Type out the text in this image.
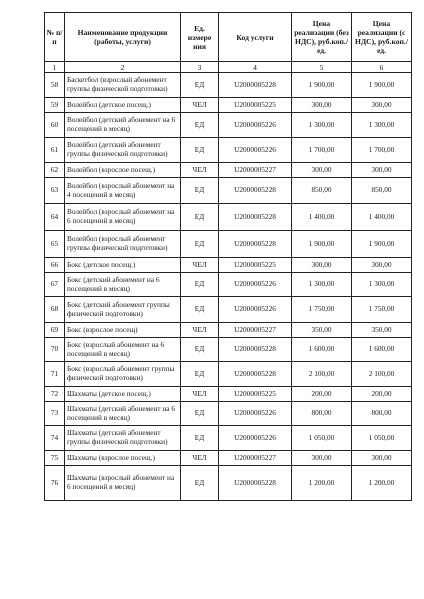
№ п/п	Наименование продукции (работы, услуги)	Ед. измере ния	Код услуги	Цена реализации (без НДС), руб.коп./ед.	Цена реализации (с НДС), руб.коп./ед.
1	2	3	4	5	6
58	Баскетбол (взрослый абонемент группы физической подготовки)	ЕД	U2000005228	1 900,00	1 900,00
59	Волейбол (детское посещ.)	ЧЕЛ	U2000005225	300,00	300,00
60	Волейбол (детский абонемент на 6 посещений в месяц)	ЕД	U2000005226	1 300,00	1 300,00
61	Волейбол (детский абонемент группы физической подготовки)	ЕД	U2000005226	1 700,00	1 700,00
62	Волейбол (взрослое посещ.)	ЧЕЛ	U2000005227	300,00	300,00
63	Волейбол (взрослый абонемент на 4 посещений в месяц)	ЕД	U2000005228	850,00	850,00
64	Волейбол (взрослый абонемент на 6 посещений в месяц)	ЕД	U2000005228	1 400,00	1 400,00
65	Волейбол (взрослый абонемент группы физической подготовки)	ЕД	U2000005228	1 900,00	1 900,00
66	Бокс (детское посещ.)	ЧЕЛ	U2000005225	300,00	300,00
67	Бокс (детский абонемент на 6 посещений в месяц)	ЕД	U2000005226	1 300,00	1 300,00
68	Бокс (детский абонемент группы физической подготовки)	ЕД	U2000005226	1 750,00	1 750,00
69	Бокс (взрослое посещ)	ЧЕЛ	U2000005227	350,00	350,00
70	Бокс (взрослый абонемент на 6 посещений в месяц)	ЕД	U2000005228	1 600,00	1 600,00
71	Бокс (взрослый абонемент группы физической подготовки)	ЕД	U2000005228	2 100,00	2 100,00
72	Шахматы (детское посещ.)	ЧЕЛ	U2000005225	200,00	200,00
73	Шахматы (детский абонемент на 6 посещений в месяц)	ЕД	U2000005226	800,00	800,00
74	Шахматы (детский абонемент группы физической подготовки)	ЕД	U2000005226	1 050,00	1 050,00
75	Шахматы (взрослое посещ.)	ЧЕЛ	U2000005227	300,00	300,00
76	Шахматы (взрослый абонемент на 6 посещений в месяц)	ЕД	U2000005228	1 200,00	1 200,00
